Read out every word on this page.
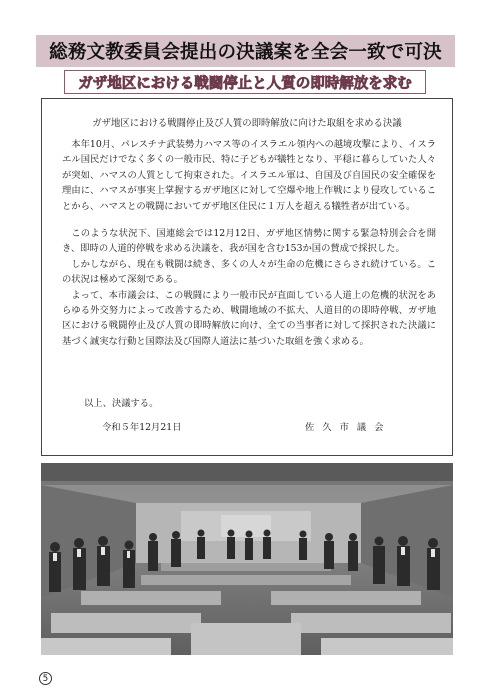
総務文教委員会提出の決議案を全会一致で可決
ガザ地区における戦闘停止と人質の即時解放を求む
ガザ地区における戦闘停止及び人質の即時解放に向けた取組を求める決議

本年10月、パレスチナ武装勢力ハマス等のイスラエル領内への越境攻撃により、イスラエル国民だけでなく多くの一般市民、特に子どもが犠牲となり、平穏に暮らしていた人々が突如、ハマスの人質として拘束された。イスラエル軍は、自国及び自国民の安全確保を理由に、ハマスが事実上掌握するガザ地区に対して空爆や地上作戦により侵攻していることから、ハマスとの戦闘においてガザ地区住民に１万人を超える犠牲者が出ている。

このような状況下、国連総会では12月12日、ガザ地区情勢に関する緊急特別会合を開き、即時の人道的停戦を求める決議を、我が国を含む153か国の賛成で採択した。

しかしながら、現在も戦闘は続き、多くの人々が生命の危機にさらされ続けている。この状況は極めて深刻である。

よって、本市議会は、この戦闘により一般市民が直面している人道上の危機的状況をあらゆる外交努力によって改善するため、戦闘地域の不拡大、人道目的の即時停戦、ガザ地区における戦闘停止及び人質の即時解放に向け、全ての当事者に対して採択された決議に基づく誠実な行動と国際法及び国際人道法に基づいた取組を強く求める。

以上、決議する。
令和５年12月21日	佐久市議会
5
